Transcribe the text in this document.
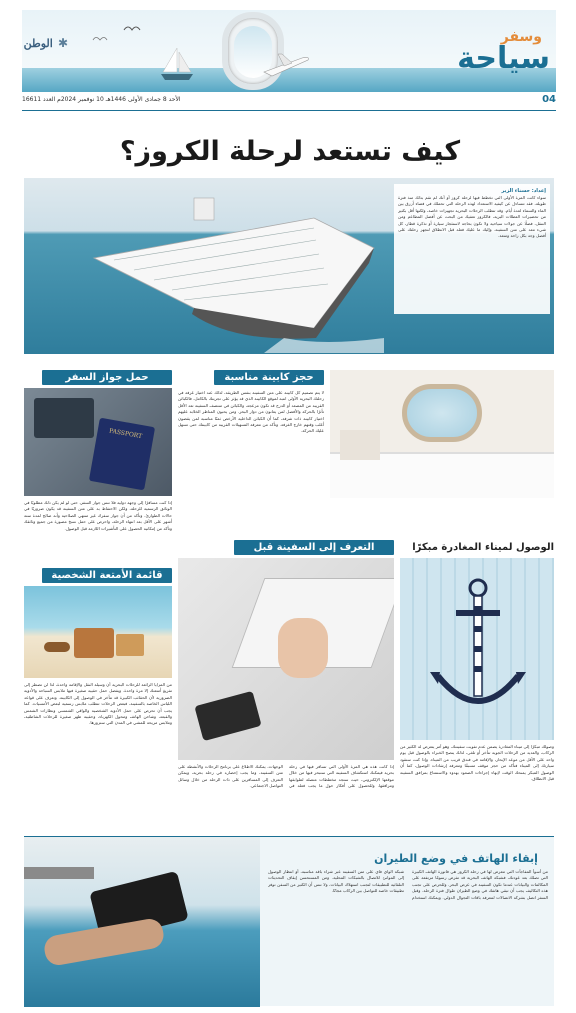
✱ الوطن	وسفر
سياحة
04
الأحد 8 جمادى الأولى 1446هـ 10 نوفمبر 2024م العدد 16611
كيف تستعد لرحلة الكروز؟
إعداد: حسناء الزير
سواء كانت المرة الأولى التي تخطط فيها لرحلة كروز أو أنك لم تقم بذلك منذ فترة طويلة، فقد تتساءل عن كيفية الاستعداد لهذه الرحلة التي تحملك في فضاء أزرق بين الماء والسماء لعدة أيام. وقد تتطلب الرحلات البحرية تجهيزات خاصة، ولكنها أقل بكثير من تحضيرات العطلات البرية، فالكروز تعفيك من البحث عن أفضل المطاعم ومن التنقل، فضلًا عن جولات سياحية ولا تكون بحاجة لاستئجار سيارة أو تذكرة قطار، كل شيء معد على متن السفينة. وإليك ما عليك فعله قبل الانطلاق لتجهز رحلتك على أفضل وجه بكل راحة ومتعة.
حمل جواز السفر
PASSPORT
إذا كنت مسافرًا إلى وجهة دولية فلا تنس جواز السفر، حتى لو لم يكن ذلك مطلوبًا في الوثائق الرسمية للرحلة، ولكن الاحتفاظ به على متن السفينة قد يكون ضروريًا في حالات الطوارئ. وتأكد من أن جواز سفرك غير منتهي الصلاحية وأنه صالح لمدة ستة أشهر على الأقل بعد انتهاء الرحلة، واحرص على حمل نسخ مصورة من جميع وثائقك وتأكد من إمكانية الحصول على التأشيرات اللازمة قبل الوصول.
حجز كابينة مناسبة
لا يتم تصميم كل كابينة على متن السفينة بنفس الطريقة، لذلك عند اختيار غرفة في رحلتك البحرية الأولى انتبه لموقع الكابينة الذي قد يؤثر على تجربتك بالكامل، فالكبائن القريبة من المصعد أو الدرج قد تكون مزعجة، والكبائن في منتصف السفينة تعد الأقل تأثرًا بالحركة والأفضل لمن يعانون من دوار البحر. ومن يحبون المناظر الخلابة عليهم اختيار كابينة ذات شرفة، كما أن الكبائن الداخلية الأرخص ثمنًا مناسبة لمن يقضون أغلب وقتهم خارج الغرفة. وتأكد من معرفة التسهيلات القريبة من كابينتك حتى تسهل عليك الحركة.
قائمة الأمتعة الشخصية
من المزايا الرائعة للرحلات البحرية أن وسيلة النقل والإقامة واحدة، لذا لن تضطر إلى تفريغ أمتعتك إلا مرة واحدة. ويفضل حمل حقيبة صغيرة فيها ملابس السباحة والأدوية الضرورية لأن الحقائب الكبيرة قد تتأخر في الوصول إلى الكابينة. وتعرف على قواعد اللباس الخاصة بالسفينة، فبعض الرحلات تتطلب ملابس رسمية لبعض الأمسيات. كما يجب أن تحرص على حمل الأدوية الشخصية والواقي الشمسي ونظارات الشمس والقبعة، وشاحن الهاتف ومحول الكهرباء، وحقيبة ظهر صغيرة للرحلات الشاطئية، وملابس مريحة للمشي في المدن التي ستزورها.
التعرف إلى السفينة قبل
إذا كانت هذه هي المرة الأولى التي تسافر فيها في رحلة بحرية فيمكنك استكشاف السفينة التي ستبحر فيها من خلال موقعها الإلكتروني، حيث ستجد مخططات متصلة لطوابقها ومرافقها. وللحصول على أفكار حول ما يجب فعله في الوجهات، يمكنك الاطلاع على برنامج الرحلات والأنشطة على متن السفينة، وما يجب إحضاره في رحلة بحرية، ويمكن التعرف إلى المسافرين على ذات الرحلة من خلال وسائل التواصل الاجتماعي.
الوصول لميناء المغادرة مبكرًا
وصولك مبكرًا إلى ميناء المغادرة يضمن عدم تفويت سفينتك، وهو أمر يتعرض له الكثير من الركاب، والعديد من الرحلات الجوية تتأخر أو تلغى، لذلك ينصح الخبراء بالوصول قبل يوم واحد على الأقل من موعد الإبحار، والإقامة في فندق قريب من الميناء. وإذا كنت ستقود سيارتك إلى الميناء فتأكد من حجز موقف مسبقًا ومعرفة إرشادات الوصول، كما أن الوصول المبكر يمنحك الوقت لإنهاء إجراءات الصعود بهدوء والاستمتاع بمرافق السفينة قبل الانطلاق.
إبقاء الهاتف في وضع الطيران
من أسوأ المفاجآت التي تتعرض لها في رحلة الكروز هي فاتورة الهاتف الكبيرة التي تصلك بعد عودتك، فشبكة الهاتف البحرية قد تفرض رسومًا مرتفعة على المكالمات والبيانات عندما تكون السفينة في عرض البحر. وللحرص على تجنب هذه التكاليف يجب أن تبقي هاتفك في وضع الطيران طوال فترة الرحلة. وقبل السفر اتصل بشركة الاتصالات لمعرفة باقات التجوال الدولي. ويمكنك استخدام شبكة الواي فاي على متن السفينة عبر شراء باقة مناسبة، أو انتظار الوصول إلى الموانئ للاتصال بالشبكات المحلية. ومن المستحسن إيقاف التحديثات التلقائية للتطبيقات لتجنب استهلاك البيانات، ولا تنس أن الكثير من السفن توفر تطبيقات خاصة للتواصل بين الركاب مجانًا.
